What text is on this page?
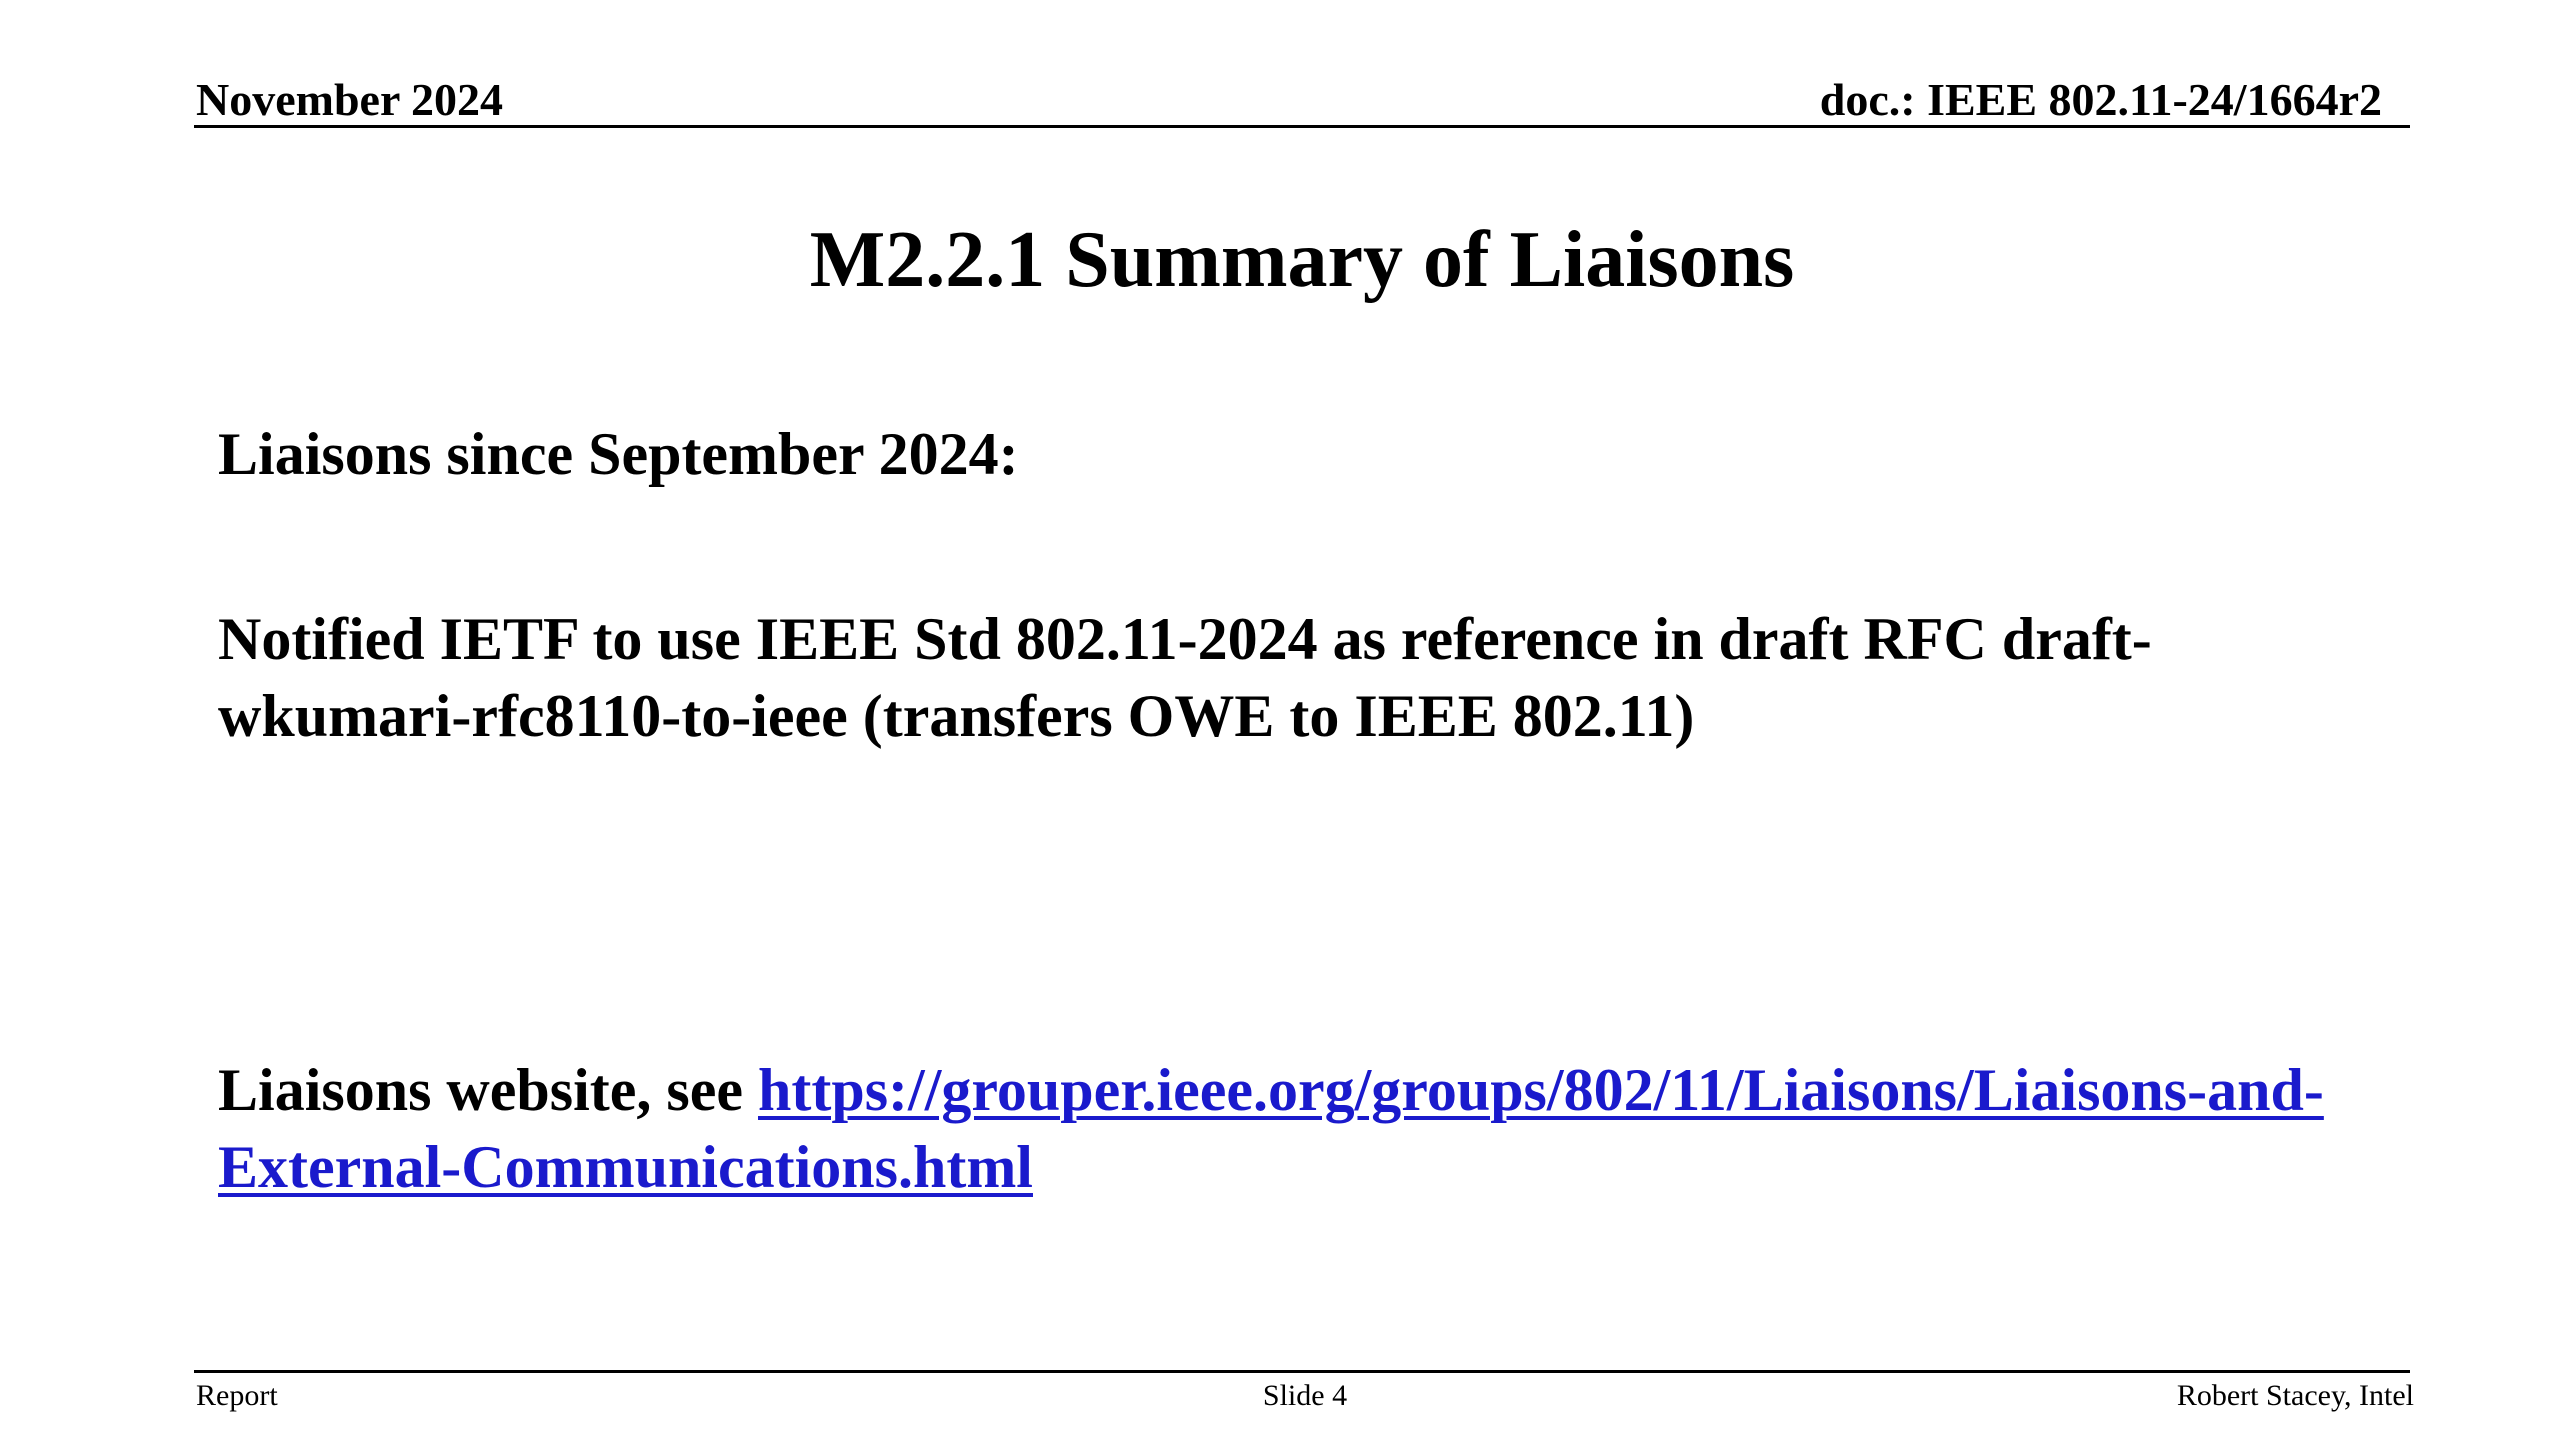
November 2024	doc.: IEEE 802.11-24/1664r2
M2.2.1 Summary of Liaisons
Liaisons since September 2024:
Notified IETF to use IEEE Std 802.11-2024 as reference in draft RFC draft-wkumari-rfc8110-to-ieee (transfers OWE to IEEE 802.11)
Liaisons website, see https://grouper.ieee.org/groups/802/11/Liaisons/Liaisons-and-External-Communications.html
Report	Slide 4	Robert Stacey, Intel
